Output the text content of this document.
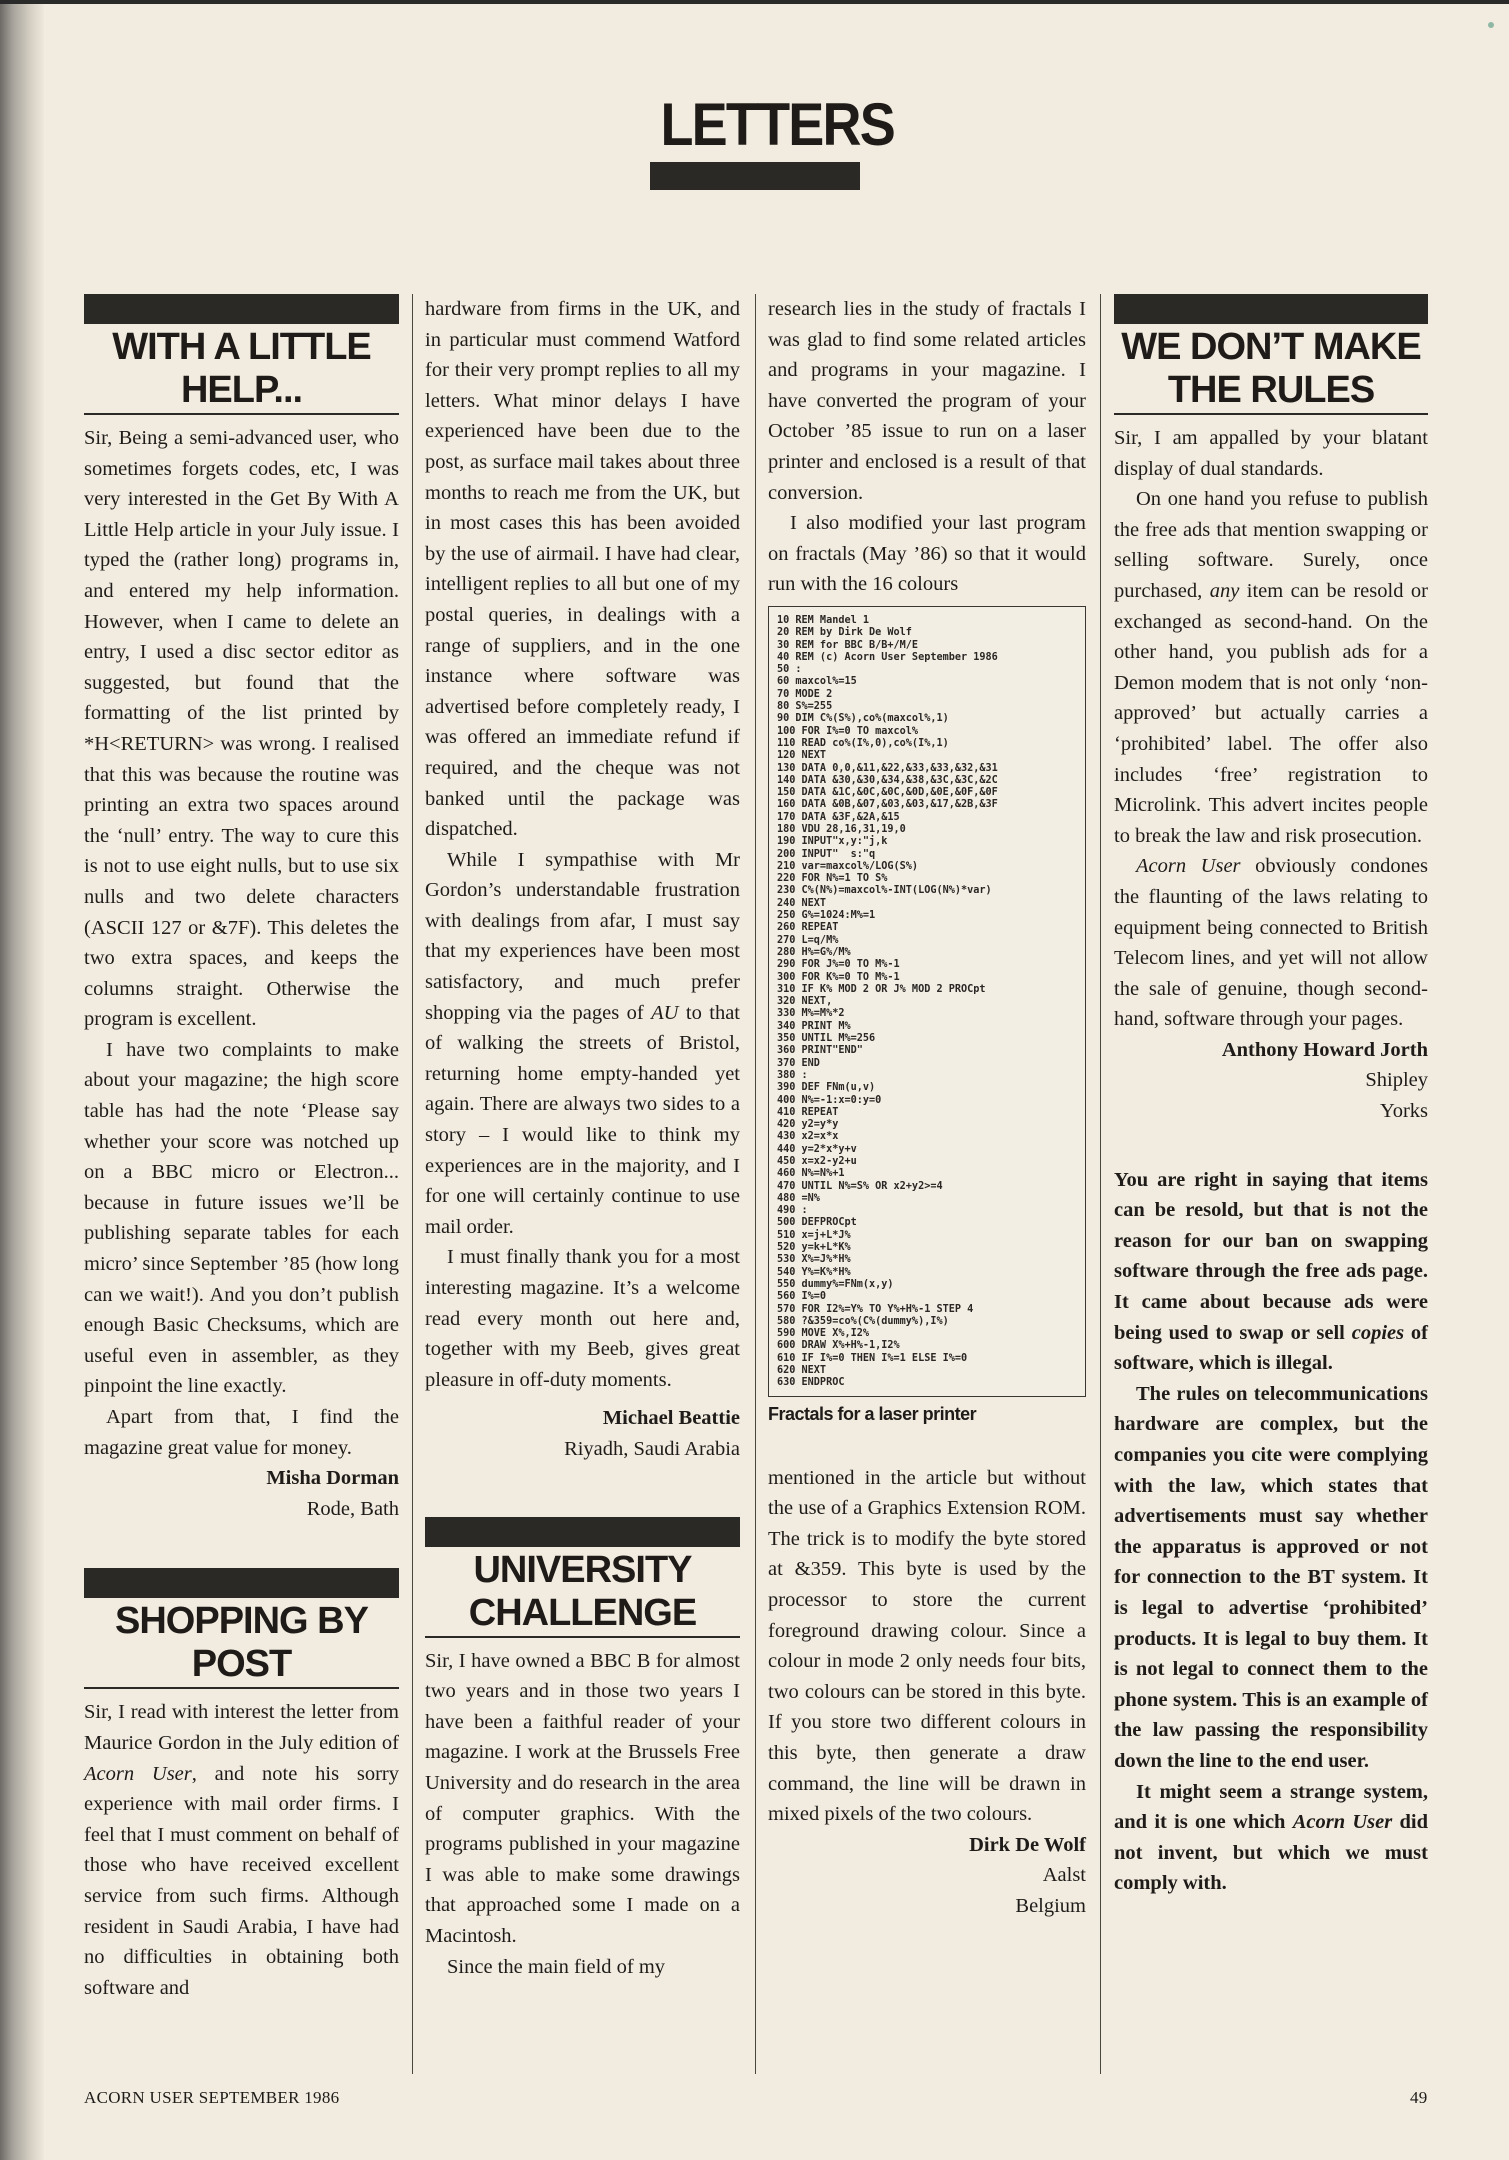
LETTERS
WITH A LITTLE HELP...

Sir, Being a semi-advanced user, who sometimes forgets codes, etc, I was very interested in the Get By With A Little Help article in your July issue. I typed the (rather long) programs in, and entered my help information. However, when I came to delete an entry, I used a disc sector editor as suggested, but found that the formatting of the list printed by *H<RETURN> was wrong. I realised that this was because the routine was printing an extra two spaces around the ‘null’ entry. The way to cure this is not to use eight nulls, but to use six nulls and two delete characters (ASCII 127 or &7F). This deletes the two extra spaces, and keeps the columns straight. Otherwise the program is excellent.

I have two complaints to make about your magazine; the high score table has had the note ‘Please say whether your score was notched up on a BBC micro or Electron... because in future issues we’ll be publishing separate tables for each micro’ since September ’85 (how long can we wait!). And you don’t publish enough Basic Checksums, which are useful even in assembler, as they pinpoint the line exactly.

Apart from that, I find the magazine great value for money.

Misha Dorman

Rode, Bath

SHOPPING BY POST

Sir, I read with interest the letter from Maurice Gordon in the July edition of Acorn User, and note his sorry experience with mail order firms. I feel that I must comment on behalf of those who have received excellent service from such firms. Although resident in Saudi Arabia, I have had no difficulties in obtaining both software and

hardware from firms in the UK, and in particular must commend Watford for their very prompt replies to all my letters. What minor delays I have experienced have been due to the post, as surface mail takes about three months to reach me from the UK, but in most cases this has been avoided by the use of airmail. I have had clear, intelligent replies to all but one of my postal queries, in dealings with a range of suppliers, and in the one instance where software was advertised before completely ready, I was offered an immediate refund if required, and the cheque was not banked until the package was dispatched.

While I sympathise with Mr Gordon’s understandable frustration with dealings from afar, I must say that my experiences have been most satisfactory, and much prefer shopping via the pages of AU to that of walking the streets of Bristol, returning home empty-handed yet again. There are always two sides to a story – I would like to think my experiences are in the majority, and I for one will certainly continue to use mail order.

I must finally thank you for a most interesting magazine. It’s a welcome read every month out here and, together with my Beeb, gives great pleasure in off-duty moments.

Michael Beattie

Riyadh, Saudi Arabia

UNIVERSITY CHALLENGE

Sir, I have owned a BBC B for almost two years and in those two years I have been a faithful reader of your magazine. I work at the Brussels Free University and do research in the area of computer graphics. With the programs published in your magazine I was able to make some drawings that approached some I made on a Macintosh.

Since the main field of my

research lies in the study of fractals I was glad to find some related articles and programs in your magazine. I have converted the program of your October ’85 issue to run on a laser printer and enclosed is a result of that conversion.

I also modified your last program on fractals (May ’86) so that it would run with the 16 colours

10 REM Mandel 1
20 REM by Dirk De Wolf
30 REM for BBC B/B+/M/E
40 REM (c) Acorn User September 1986
50 :
60 maxcol%=15
70 MODE 2
80 S%=255
90 DIM C%(S%),co%(maxcol%,1)
100 FOR I%=0 TO maxcol%
110 READ co%(I%,0),co%(I%,1)
120 NEXT
130 DATA 0,0,&11,&22,&33,&33,&32,&31
140 DATA &30,&30,&34,&38,&3C,&3C,&2C
150 DATA &1C,&0C,&0C,&0D,&0E,&0F,&0F
160 DATA &0B,&07,&03,&03,&17,&2B,&3F
170 DATA &3F,&2A,&15
180 VDU 28,16,31,19,0
190 INPUT"x,y:"j,k
200 INPUT"  s:"q
210 var=maxcol%/LOG(S%)
220 FOR N%=1 TO S%
230 C%(N%)=maxcol%-INT(LOG(N%)*var)
240 NEXT
250 G%=1024:M%=1
260 REPEAT
270 L=q/M%
280 H%=G%/M%
290 FOR J%=0 TO M%-1
300 FOR K%=0 TO M%-1
310 IF K% MOD 2 OR J% MOD 2 PROCpt
320 NEXT,
330 M%=M%*2
340 PRINT M%
350 UNTIL M%=256
360 PRINT"END"
370 END
380 :
390 DEF FNm(u,v)
400 N%=-1:x=0:y=0
410 REPEAT
420 y2=y*y
430 x2=x*x
440 y=2*x*y+v
450 x=x2-y2+u
460 N%=N%+1
470 UNTIL N%=S% OR x2+y2>=4
480 =N%
490 :
500 DEFPROCpt
510 x=j+L*J%
520 y=k+L*K%
530 X%=J%*H%
540 Y%=K%*H%
550 dummy%=FNm(x,y)
560 I%=0
570 FOR I2%=Y% TO Y%+H%-1 STEP 4
580 ?&359=co%(C%(dummy%),I%)
590 MOVE X%,I2%
600 DRAW X%+H%-1,I2%
610 IF I%=0 THEN I%=1 ELSE I%=0
620 NEXT
630 ENDPROC
Fractals for a laser printer

mentioned in the article but without the use of a Graphics Extension ROM. The trick is to modify the byte stored at &359. This byte is used by the processor to store the current foreground drawing colour. Since a colour in mode 2 only needs four bits, two colours can be stored in this byte. If you store two different colours in this byte, then generate a draw command, the line will be drawn in mixed pixels of the two colours.

Dirk De Wolf

Aalst

Belgium

WE DON’T MAKE THE RULES

Sir, I am appalled by your blatant display of dual standards.

On one hand you refuse to publish the free ads that mention swapping or selling software. Surely, once purchased, any item can be resold or exchanged as second-hand. On the other hand, you publish ads for a Demon modem that is not only ‘non-approved’ but actually carries a ‘prohibited’ label. The offer also includes ‘free’ registration to Microlink. This advert incites people to break the law and risk prosecution.

Acorn User obviously condones the flaunting of the laws relating to equipment being connected to British Telecom lines, and yet will not allow the sale of genuine, though second-hand, software through your pages.

Anthony Howard Jorth

Shipley

Yorks

You are right in saying that items can be resold, but that is not the reason for our ban on swapping software through the free ads page. It came about because ads were being used to swap or sell copies of software, which is illegal.

The rules on telecommunications hardware are complex, but the companies you cite were complying with the law, which states that advertisements must say whether the apparatus is approved or not for connection to the BT system. It is legal to advertise ‘prohibited’ products. It is legal to buy them. It is not legal to connect them to the phone system. This is an example of the law passing the responsibility down the line to the end user.

It might seem a strange system, and it is one which Acorn User did not invent, but which we must comply with.

ACORN USER SEPTEMBER 1986	49
